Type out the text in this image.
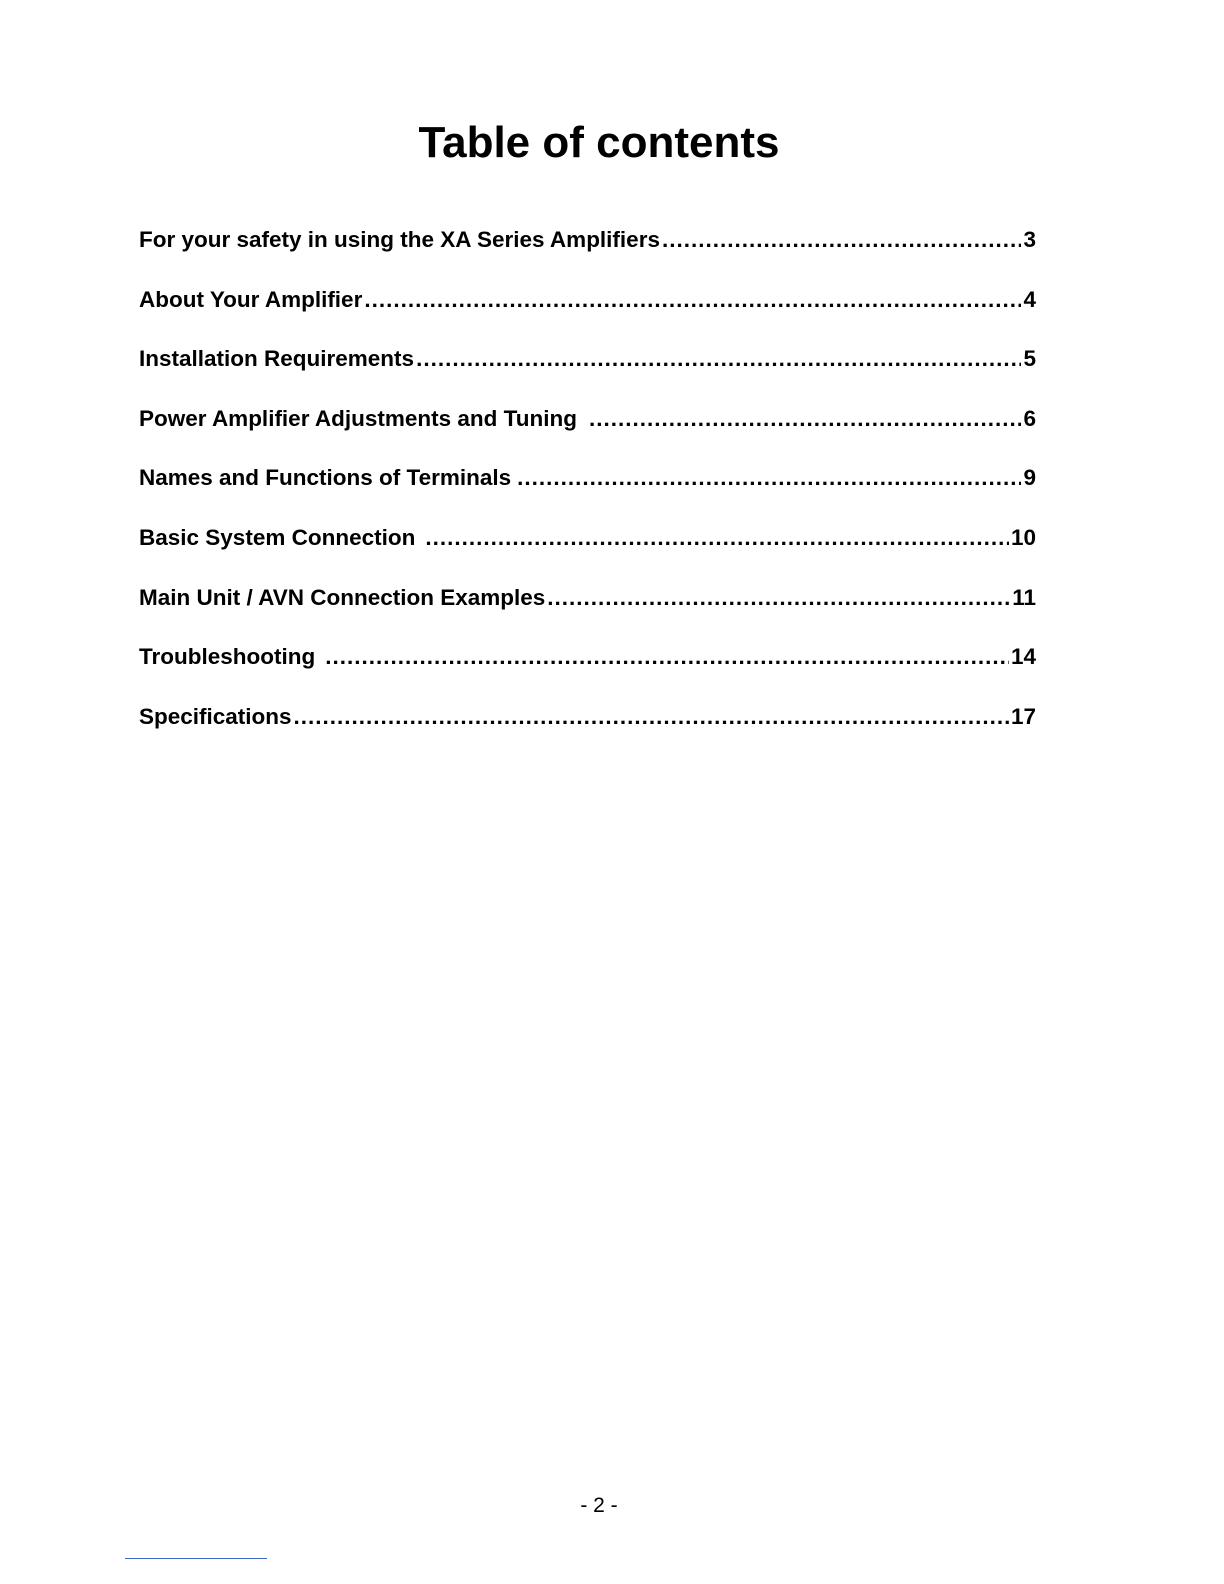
Table of contents
For your safety in using the XA Series Amplifiers .....	3
About Your Amplifier .....	4
Installation Requirements .....	5
Power Amplifier Adjustments and Tuning .....	6
Names and Functions of Terminals .....	9
Basic System Connection .....	10
Main Unit / AVN Connection Examples .....	11
Troubleshooting .....	14
Specifications .....	17
- 2 -
